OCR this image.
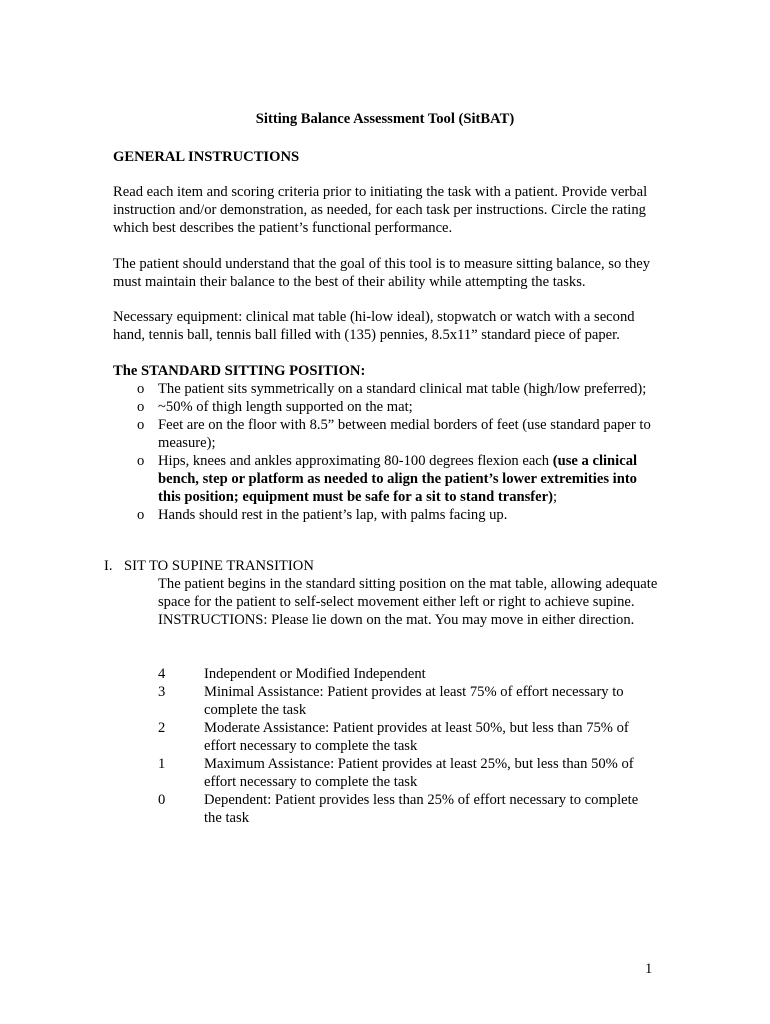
Sitting Balance Assessment Tool (SitBAT)
GENERAL INSTRUCTIONS
Read each item and scoring criteria prior to initiating the task with a patient. Provide verbal instruction and/or demonstration, as needed, for each task per instructions. Circle the rating which best describes the patient’s functional performance.
The patient should understand that the goal of this tool is to measure sitting balance, so they must maintain their balance to the best of their ability while attempting the tasks.
Necessary equipment: clinical mat table (hi-low ideal), stopwatch or watch with a second hand, tennis ball, tennis ball filled with (135) pennies, 8.5x11” standard piece of paper.
The STANDARD SITTING POSITION:
o The patient sits symmetrically on a standard clinical mat table (high/low preferred);
o ~50% of thigh length supported on the mat;
o Feet are on the floor with 8.5” between medial borders of feet (use standard paper to measure);
o Hips, knees and ankles approximating 80-100 degrees flexion each (use a clinical bench, step or platform as needed to align the patient’s lower extremities into this position; equipment must be safe for a sit to stand transfer);
o Hands should rest in the patient’s lap, with palms facing up.
I. SIT TO SUPINE TRANSITION
The patient begins in the standard sitting position on the mat table, allowing adequate space for the patient to self-select movement either left or right to achieve supine.
INSTRUCTIONS: Please lie down on the mat. You may move in either direction.
4	Independent or Modified Independent
3	Minimal Assistance: Patient provides at least 75% of effort necessary to complete the task
2	Moderate Assistance: Patient provides at least 50%, but less than 75% of effort necessary to complete the task
1	Maximum Assistance: Patient provides at least 25%, but less than 50% of effort necessary to complete the task
0	Dependent: Patient provides less than 25% of effort necessary to complete the task
1
